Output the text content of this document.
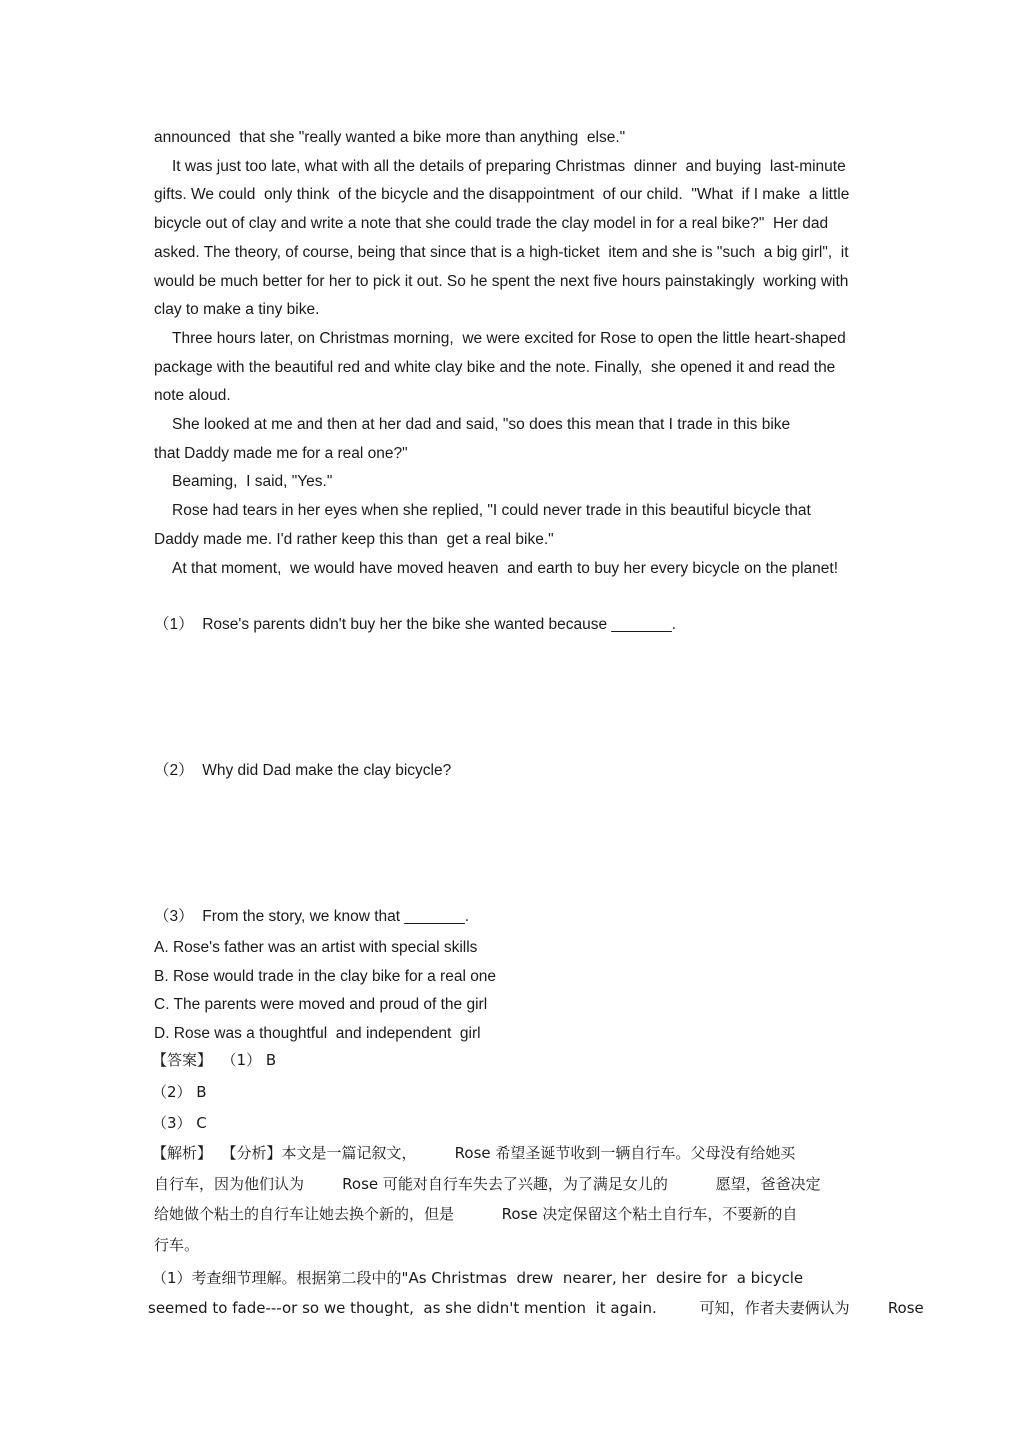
announced  that she "really wanted a bike more than anything  else."
It was just too late, what with all the details of preparing Christmas  dinner  and buying  last-minute
gifts. We could  only think  of the bicycle and the disappointment  of our child.  "What  if I make  a little
bicycle out of clay and write a note that she could trade the clay model in for a real bike?"  Her dad
asked. The theory, of course, being that since that is a high-ticket  item and she is "such  a big girl",  it
would be much better for her to pick it out. So he spent the next five hours painstakingly  working with
clay to make a tiny bike.
Three hours later, on Christmas morning,  we were excited for Rose to open the little heart-shaped
package with the beautiful red and white clay bike and the note. Finally,  she opened it and read the
note aloud.
She looked at me and then at her dad and said, "so does this mean that I trade in this bike
that Daddy made me for a real one?"
Beaming,  I said, "Yes."
Rose had tears in her eyes when she replied, "I could never trade in this beautiful bicycle that
Daddy made me. I'd rather keep this than  get a real bike."
At that moment,  we would have moved heaven  and earth to buy her every bicycle on the planet!
（1）  Rose's parents didn't buy her the bike she wanted because _______.
（2）  Why did Dad make the clay bicycle?
（3）  From the story, we know that _______.
A. Rose's father was an artist with special skills
B. Rose would trade in the clay bike for a real one
C. The parents were moved and proud of the girl
D. Rose was a thoughtful  and independent  girl
【答案】  （1） B
（2） B
（3） C
【解析】  【分析】本文是一篇记叙文，        Rose 希望圣诞节收到一辆自行车。父母没有给她买
自行车，因为他们认为        Rose 可能对自行车失去了兴趣，为了满足女儿的          愿望，爸爸决定
给她做个粘土的自行车让她去换个新的，但是          Rose 决定保留这个粘土自行车，不要新的自
行车。
（1）考查细节理解。根据第二段中的"As Christmas  drew  nearer, her  desire for  a bicycle
seemed to fade---or so we thought,  as she didn't mention  it again.         可知，作者夫妻俩认为        Rose
